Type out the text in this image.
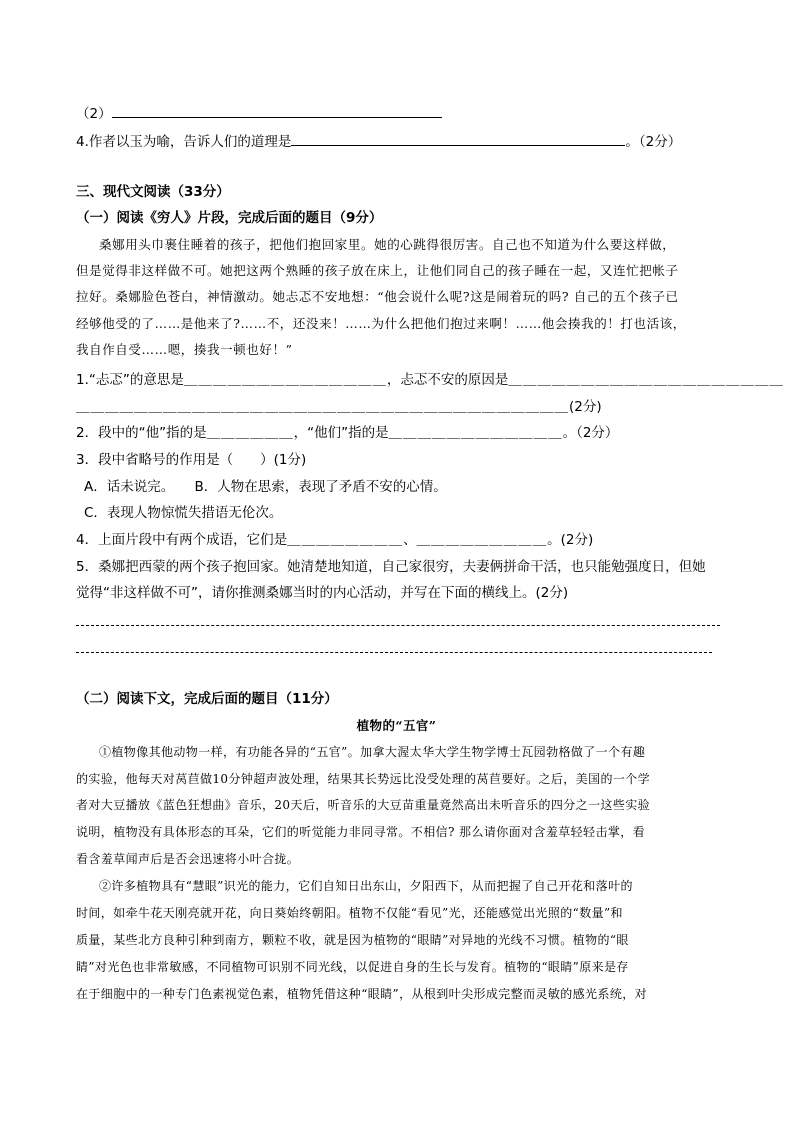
（2）
4.作者以玉为喻，告诉人们的道理是	。（2分）
三、现代文阅读（33分）
（一）阅读《穷人》片段，完成后面的题目（9分）
桑娜用头巾裹住睡着的孩子，把他们抱回家里。她的心跳得很厉害。自己也不知道为什么要这样做，
但是觉得非这样做不可。她把这两个熟睡的孩子放在床上，让他们同自己的孩子睡在一起，又连忙把帐子
拉好。桑娜脸色苍白，神情激动。她忐忑不安地想：“他会说什么呢?这是闹着玩的吗? 自己的五个孩子已
经够他受的了……是他来了?……不，还没来！……为什么把他们抱过来啊！……他会揍我的！打也活该，
我自作自受……嗯，揍我一顿也好！”
1.“忐忑”的意思是＿＿＿＿＿＿＿＿＿＿＿＿＿＿，忐忑不安的原因是＿＿＿＿＿＿＿＿＿＿＿＿＿＿＿＿＿＿＿
＿＿＿＿＿＿＿＿＿＿＿＿＿＿＿＿＿＿＿＿＿＿＿＿＿＿＿＿＿＿＿＿＿＿(2分)
2．段中的“他”指的是＿＿＿＿＿＿，“他们”指的是＿＿＿＿＿＿＿＿＿＿＿＿。（2分）
3．段中省略号的作用是（　　）(1分)
A．话未说完。　　B．人物在思索，表现了矛盾不安的心情。
C．表现人物惊慌失措语无伦次。
4．上面片段中有两个成语，它们是＿＿＿＿＿＿＿＿、＿＿＿＿＿＿＿＿＿。(2分)
5．桑娜把西蒙的两个孩子抱回家。她清楚地知道，自己家很穷，夫妻俩拼命干活，也只能勉强度日，但她
觉得“非这样做不可”，请你推测桑娜当时的内心活动，并写在下面的横线上。(2分)
（二）阅读下文，完成后面的题目（11分）
植物的“五官”
①植物像其他动物一样，有功能各异的“五官”。加拿大渥太华大学生物学博士瓦园勃格做了一个有趣
的实验，他每天对莴苣做10分钟超声波处理，结果其长势远比没受处理的莴苣要好。之后，美国的一个学
者对大豆播放《蓝色狂想曲》音乐，20天后，听音乐的大豆苗重量竟然高出未听音乐的四分之一这些实验
说明，植物没有具体形态的耳朵，它们的听觉能力非同寻常。不相信? 那么请你面对含羞草轻轻击掌，看
看含羞草闻声后是否会迅速将小叶合拢。
②许多植物具有“慧眼”识光的能力，它们自知日出东山，夕阳西下，从而把握了自己开花和落叶的
时间，如牵牛花天刚亮就开花，向日葵始终朝阳。植物不仅能“看见”光，还能感觉出光照的“数量”和
质量，某些北方良种引种到南方，颗粒不收，就是因为植物的“眼睛”对异地的光线不习惯。植物的“眼
睛”对光色也非常敏感，不同植物可识别不同光线，以促进自身的生长与发育。植物的“眼睛”原来是存
在于细胞中的一种专门色素视觉色素，植物凭借这种“眼睛”，从根到叶尖形成完整而灵敏的感光系统，对
